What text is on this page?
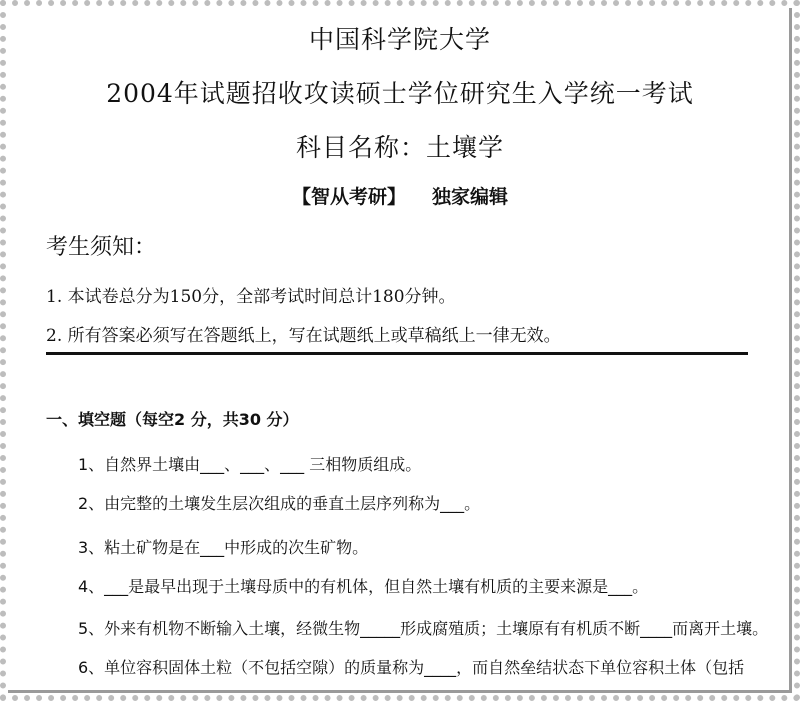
中国科学院大学
2004年试题招收攻读硕士学位研究生入学统一考试
科目名称：土壤学
【智从考研】 独家编辑
考生须知：
1. 本试卷总分为150分，全部考试时间总计180分钟。
2. 所有答案必须写在答题纸上，写在试题纸上或草稿纸上一律无效。
一、填空题（每空2 分，共30 分）
1、自然界土壤由___、___、___ 三相物质组成。
2、由完整的土壤发生层次组成的垂直土层序列称为___。
3、粘土矿物是在___中形成的次生矿物。
4、___是最早出现于土壤母质中的有机体，但自然土壤有机质的主要来源是___。
5、外来有机物不断输入土壤，经微生物_____形成腐殖质；土壤原有有机质不断____而离开土壤。
6、单位容积固体土粒（不包括空隙）的质量称为____，而自然垒结状态下单位容积土体（包括
